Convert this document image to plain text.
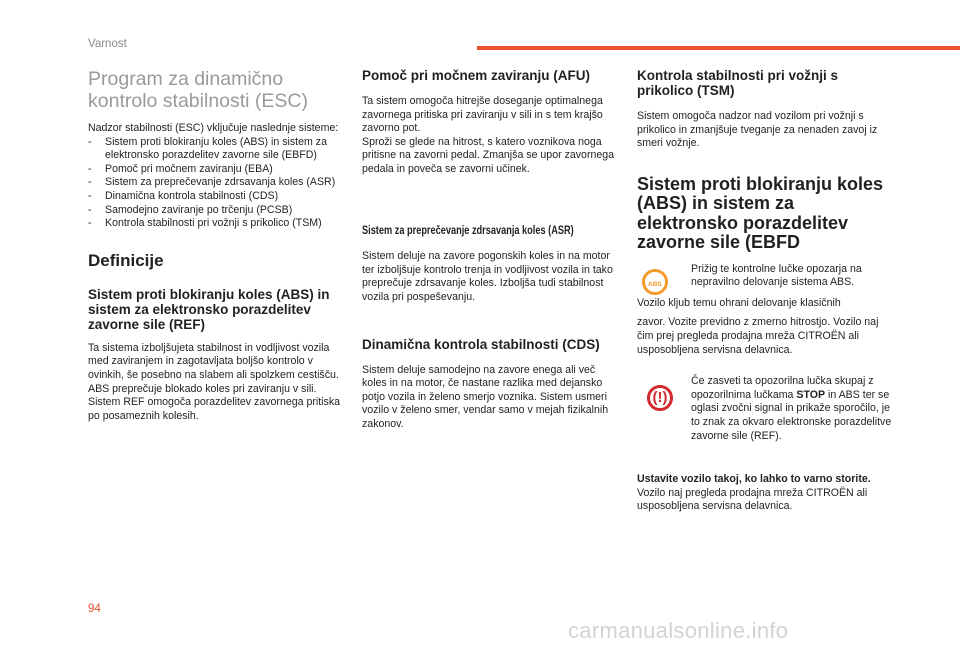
Varnost
Program za dinamično kontrolo stabilnosti (ESC)

Nadzor stabilnosti (ESC) vključuje naslednje sisteme:

- Sistem proti blokiranju koles (ABS) in sistem za elektronsko porazdelitev zavorne sile (EBFD)
- Pomoč pri močnem zaviranju (EBA)
- Sistem za preprečevanje zdrsavanja koles (ASR)
- Dinamična kontrola stabilnosti (CDS)
- Samodejno zaviranje po trčenju (PCSB)
- Kontrola stabilnosti pri vožnji s prikolico (TSM)
Definicije
Sistem proti blokiranju koles (ABS) in sistem za elektronsko porazdelitev zavorne sile (REF)

Ta sistema izboljšujeta stabilnost in vodljivost vozila med zaviranjem in zagotavljata boljšo kontrolo v ovinkih, še posebno na slabem ali spolzkem cestišču.

ABS preprečuje blokado koles pri zaviranju v sili.

Sistem REF omogoča porazdelitev zavornega pritiska po posameznih kolesih.

Pomoč pri močnem zaviranju (AFU)

Ta sistem omogoča hitrejše doseganje optimalnega zavornega pritiska pri zaviranju v sili in s tem krajšo zavorno pot.

Sproži se glede na hitrost, s katero voznikova noga pritisne na zavorni pedal. Zmanjša se upor zavornega pedala in poveča se zavorni učinek.

Sistem za preprečevanje zdrsavanja koles (ASR)

Sistem deluje na zavore pogonskih koles in na motor ter izboljšuje kontrolo trenja in vodljivost vozila in tako preprečuje zdrsavanje koles. Izboljša tudi stabilnost vozila pri pospeševanju.

Dinamična kontrola stabilnosti (CDS)

Sistem deluje samodejno na zavore enega ali več koles in na motor, če nastane razlika med dejansko potjo vozila in želeno smerjo voznika. Sistem usmeri vozilo v želeno smer, vendar samo v mejah fizikalnih zakonov.

Kontrola stabilnosti pri vožnji s prikolico (TSM)

Sistem omogoča nadzor nad vozilom pri vožnji s prikolico in zmanjšuje tveganje za nenaden zavoj iz smeri vožnje.

Sistem proti blokiranju koles (ABS) in sistem za elektronsko porazdelitev zavorne sile (EBFD
ABS

Prižig te kontrolne lučke opozarja na nepravilno delovanje sistema ABS.

Vozilo kljub temu ohrani delovanje klasičnih

zavor. Vozite previdno z zmerno hitrostjo. Vozilo naj čim prej pregleda prodajna mreža CITROËN ali usposobljena servisna delavnica.

(!)

Če zasveti ta opozorilna lučka skupaj z opozorilnima lučkama STOP in ABS ter se oglasi zvočni signal in prikaže sporočilo, je to znak za okvaro elektronske porazdelitve zavorne sile (REF).

Ustavite vozilo takoj, ko lahko to varno storite.

Vozilo naj pregleda prodajna mreža CITROËN ali usposobljena servisna delavnica.

94
carmanualsonline.info
